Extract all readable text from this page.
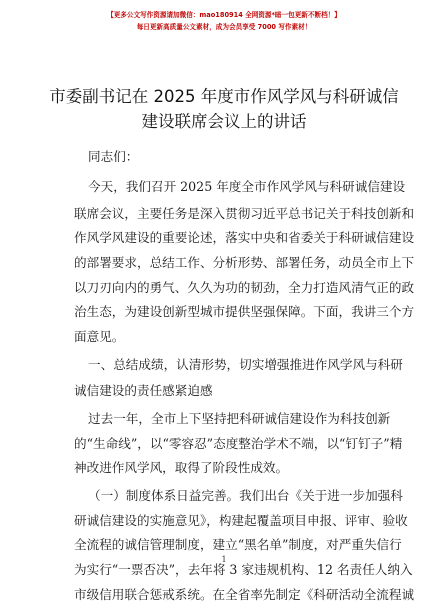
【更多公文写作资源请加微信：mao180914 全网资源*暗一包更新不断档！】
每日更新高质量公文素材，成为会员享受 7000 写作素材！
市委副书记在 2025 年度市作风学风与科研诚信
建设联席会议上的讲话
同志们：
今天，我们召开 2025 年度全市作风学风与科研诚信建设
联席会议，主要任务是深入贯彻习近平总书记关于科技创新和
作风学风建设的重要论述，落实中央和省委关于科研诚信建设
的部署要求，总结工作、分析形势、部署任务，动员全市上下
以刀刃向内的勇气、久久为功的韧劲，全力打造风清气正的政
治生态，为建设创新型城市提供坚强保障。下面，我讲三个方
面意见。
一、总结成绩，认清形势，切实增强推进作风学风与科研
诚信建设的责任感紧迫感
过去一年，全市上下坚持把科研诚信建设作为科技创新
的“生命线”，以“零容忍”态度整治学术不端，以“钉钉子”精
神改进作风学风，取得了阶段性成效。
（一）制度体系日益完善。我们出台《关于进一步加强科
研诚信建设的实施意见》，构建起覆盖项目申报、评审、验收
全流程的诚信管理制度，建立“黑名单”制度，对严重失信行
为实行“一票否决”，去年将 3 家违规机构、12 名责任人纳入
市级信用联合惩戒系统。在全省率先制定《科研活动全流程诚
1
